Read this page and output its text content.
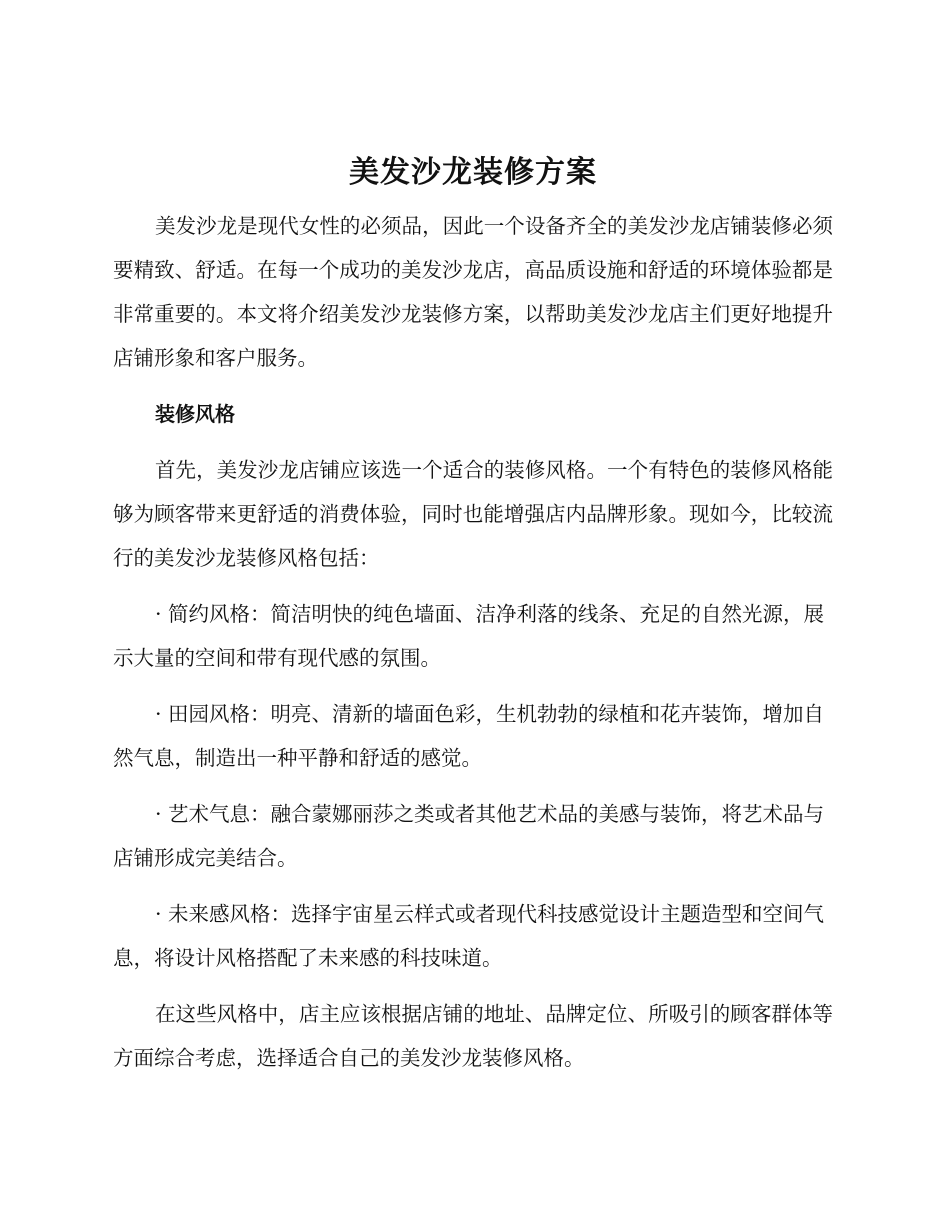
美发沙龙装修方案

美发沙龙是现代女性的必须品，因此一个设备齐全的美发沙龙店铺装修必须要精致、舒适。在每一个成功的美发沙龙店，高品质设施和舒适的环境体验都是非常重要的。本文将介绍美发沙龙装修方案，以帮助美发沙龙店主们更好地提升店铺形象和客户服务。

装修风格

首先，美发沙龙店铺应该选一个适合的装修风格。一个有特色的装修风格能够为顾客带来更舒适的消费体验，同时也能增强店内品牌形象。现如今，比较流行的美发沙龙装修风格包括：

· 简约风格：简洁明快的纯色墙面、洁净利落的线条、充足的自然光源，展示大量的空间和带有现代感的氛围。

· 田园风格：明亮、清新的墙面色彩，生机勃勃的绿植和花卉装饰，增加自然气息，制造出一种平静和舒适的感觉。

· 艺术气息：融合蒙娜丽莎之类或者其他艺术品的美感与装饰，将艺术品与店铺形成完美结合。

· 未来感风格：选择宇宙星云样式或者现代科技感觉设计主题造型和空间气息，将设计风格搭配了未来感的科技味道。

在这些风格中，店主应该根据店铺的地址、品牌定位、所吸引的顾客群体等方面综合考虑，选择适合自己的美发沙龙装修风格。
